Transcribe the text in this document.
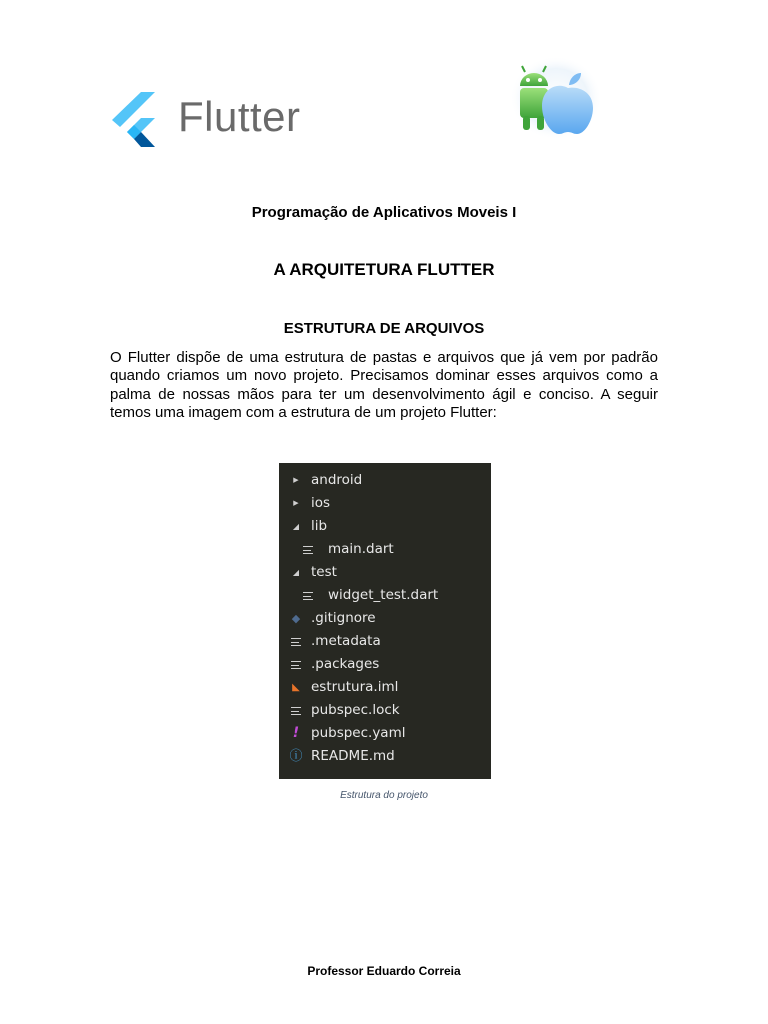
Flutter
Programação de Aplicativos Moveis I
A ARQUITETURA FLUTTER
ESTRUTURA DE ARQUIVOS
O Flutter dispõe de uma estrutura de pastas e arquivos que já vem por padrão quando criamos um novo projeto. Precisamos dominar esses arquivos como a palma de nossas mãos para ter um desenvolvimento ágil e conciso. A seguir temos uma imagem com a estrutura de um projeto Flutter:
▶ android
▶ ios
◢ lib
main.dart
◢ test
widget_test.dart
◆ .gitignore
.metadata
.packages
◣ estrutura.iml
pubspec.lock
! pubspec.yaml
ⓘ README.md
Estrutura do projeto
Professor Eduardo Correia
